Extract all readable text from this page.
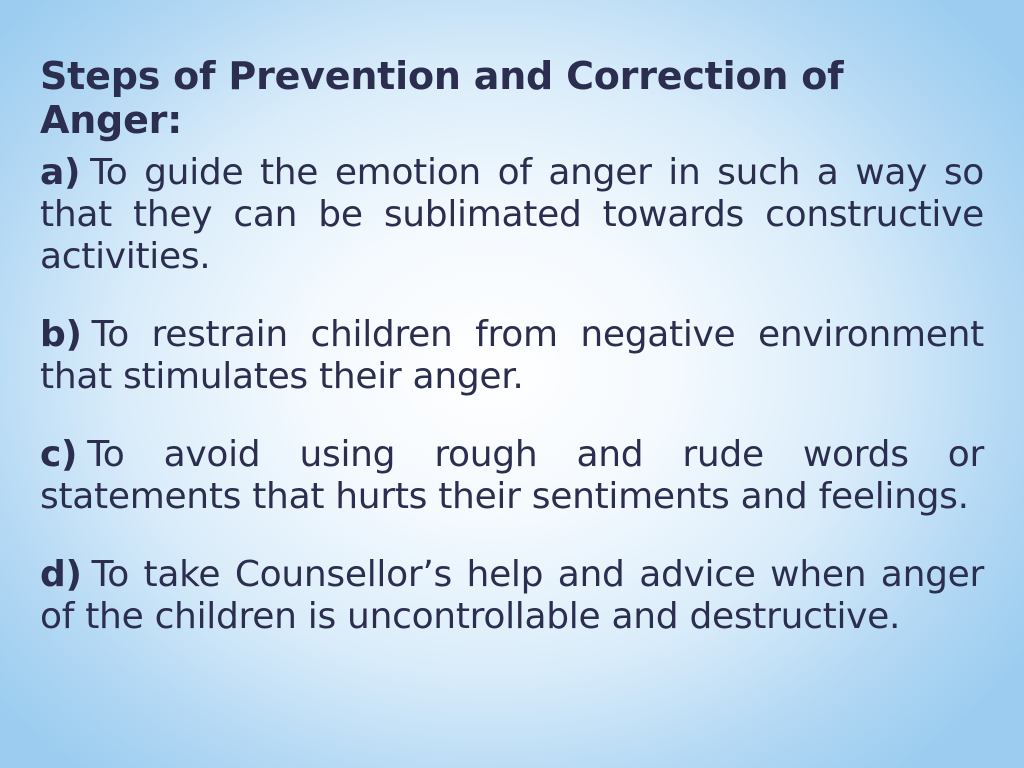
Steps of Prevention and Correction of Anger:

a) To guide the emotion of anger in such a way so that they can be sublimated towards constructive activities.

b) To restrain children from negative environment that stimulates their anger.

c) To avoid using rough and rude words or statements that hurts their sentiments and feelings.

d) To take Counsellor’s help and advice when anger of the children is uncontrollable and destructive.
